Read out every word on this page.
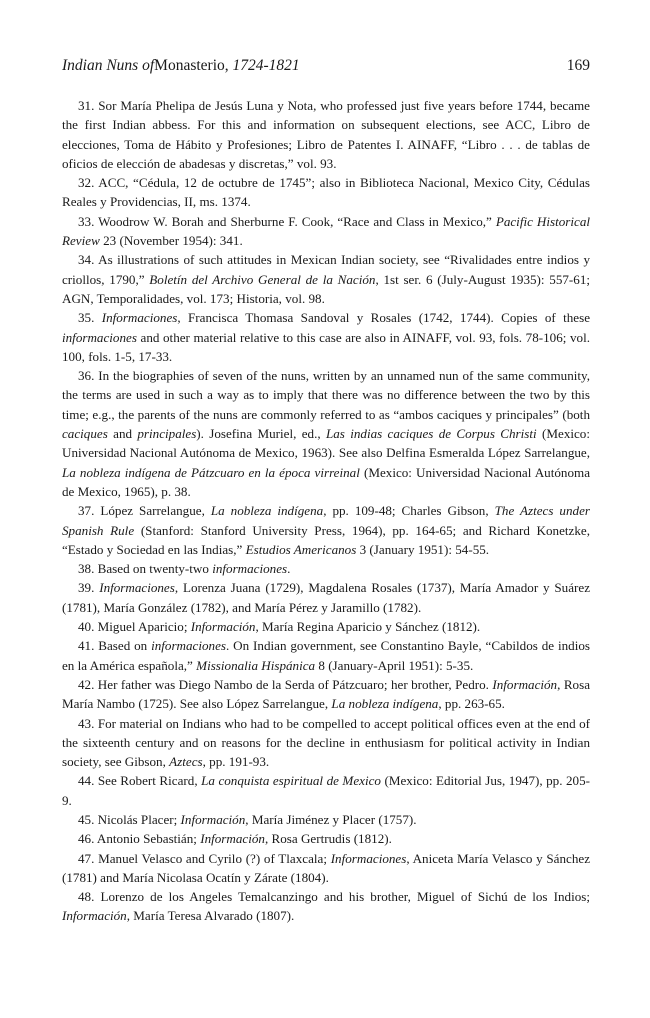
Indian Nuns ofMonasterio, 1724-1821	169

31. Sor María Phelipa de Jesús Luna y Nota, who professed just five years before 1744, became the first Indian abbess. For this and information on subsequent elections, see ACC, Libro de elecciones, Toma de Hábito y Profesiones; Libro de Patentes I. AINAFF, “Libro . . . de tablas de oficios de elección de abadesas y discretas,” vol. 93.

32. ACC, “Cédula, 12 de octubre de 1745”; also in Biblioteca Nacional, Mexico City, Cédulas Reales y Providencias, II, ms. 1374.

33. Woodrow W. Borah and Sherburne F. Cook, “Race and Class in Mexico,” Pacific Historical Review 23 (November 1954): 341.

34. As illustrations of such attitudes in Mexican Indian society, see “Rivalidades entre indios y criollos, 1790,” Boletín del Archivo General de la Nación, 1st ser. 6 (July-August 1935): 557-61; AGN, Temporalidades, vol. 173; Historia, vol. 98.

35. Informaciones, Francisca Thomasa Sandoval y Rosales (1742, 1744). Copies of these informaciones and other material relative to this case are also in AINAFF, vol. 93, fols. 78-106; vol. 100, fols. 1-5, 17-33.

36. In the biographies of seven of the nuns, written by an unnamed nun of the same community, the terms are used in such a way as to imply that there was no difference between the two by this time; e.g., the parents of the nuns are commonly referred to as “ambos caciques y principales” (both caciques and principales). Josefina Muriel, ed., Las indias caciques de Corpus Christi (Mexico: Universidad Nacional Autónoma de Mexico, 1963). See also Delfina Esmeralda López Sarrelangue, La nobleza indígena de Pátzcuaro en la época virreinal (Mexico: Universidad Nacional Autónoma de Mexico, 1965), p. 38.

37. López Sarrelangue, La nobleza indígena, pp. 109-48; Charles Gibson, The Aztecs under Spanish Rule (Stanford: Stanford University Press, 1964), pp. 164-65; and Richard Konetzke, “Estado y Sociedad en las Indias,” Estudios Americanos 3 (January 1951): 54-55.

38. Based on twenty-two informaciones.

39. Informaciones, Lorenza Juana (1729), Magdalena Rosales (1737), María Amador y Suárez (1781), María González (1782), and María Pérez y Jaramillo (1782).

40. Miguel Aparicio; Información, María Regina Aparicio y Sánchez (1812).

41. Based on informaciones. On Indian government, see Constantino Bayle, “Cabildos de indios en la América española,” Missionalia Hispánica 8 (January-April 1951): 5-35.

42. Her father was Diego Nambo de la Serda of Pátzcuaro; her brother, Pedro. Información, Rosa María Nambo (1725). See also López Sarrelangue, La nobleza indígena, pp. 263-65.

43. For material on Indians who had to be compelled to accept political offices even at the end of the sixteenth century and on reasons for the decline in enthusiasm for political activity in Indian society, see Gibson, Aztecs, pp. 191-93.

44. See Robert Ricard, La conquista espiritual de Mexico (Mexico: Editorial Jus, 1947), pp. 205-9.

45. Nicolás Placer; Información, María Jiménez y Placer (1757).

46. Antonio Sebastián; Información, Rosa Gertrudis (1812).

47. Manuel Velasco and Cyrilo (?) of Tlaxcala; Informaciones, Aniceta María Velasco y Sánchez (1781) and María Nicolasa Ocatín y Zárate (1804).

48. Lorenzo de los Angeles Temalcanzingo and his brother, Miguel of Sichú de los Indios; Información, María Teresa Alvarado (1807).
